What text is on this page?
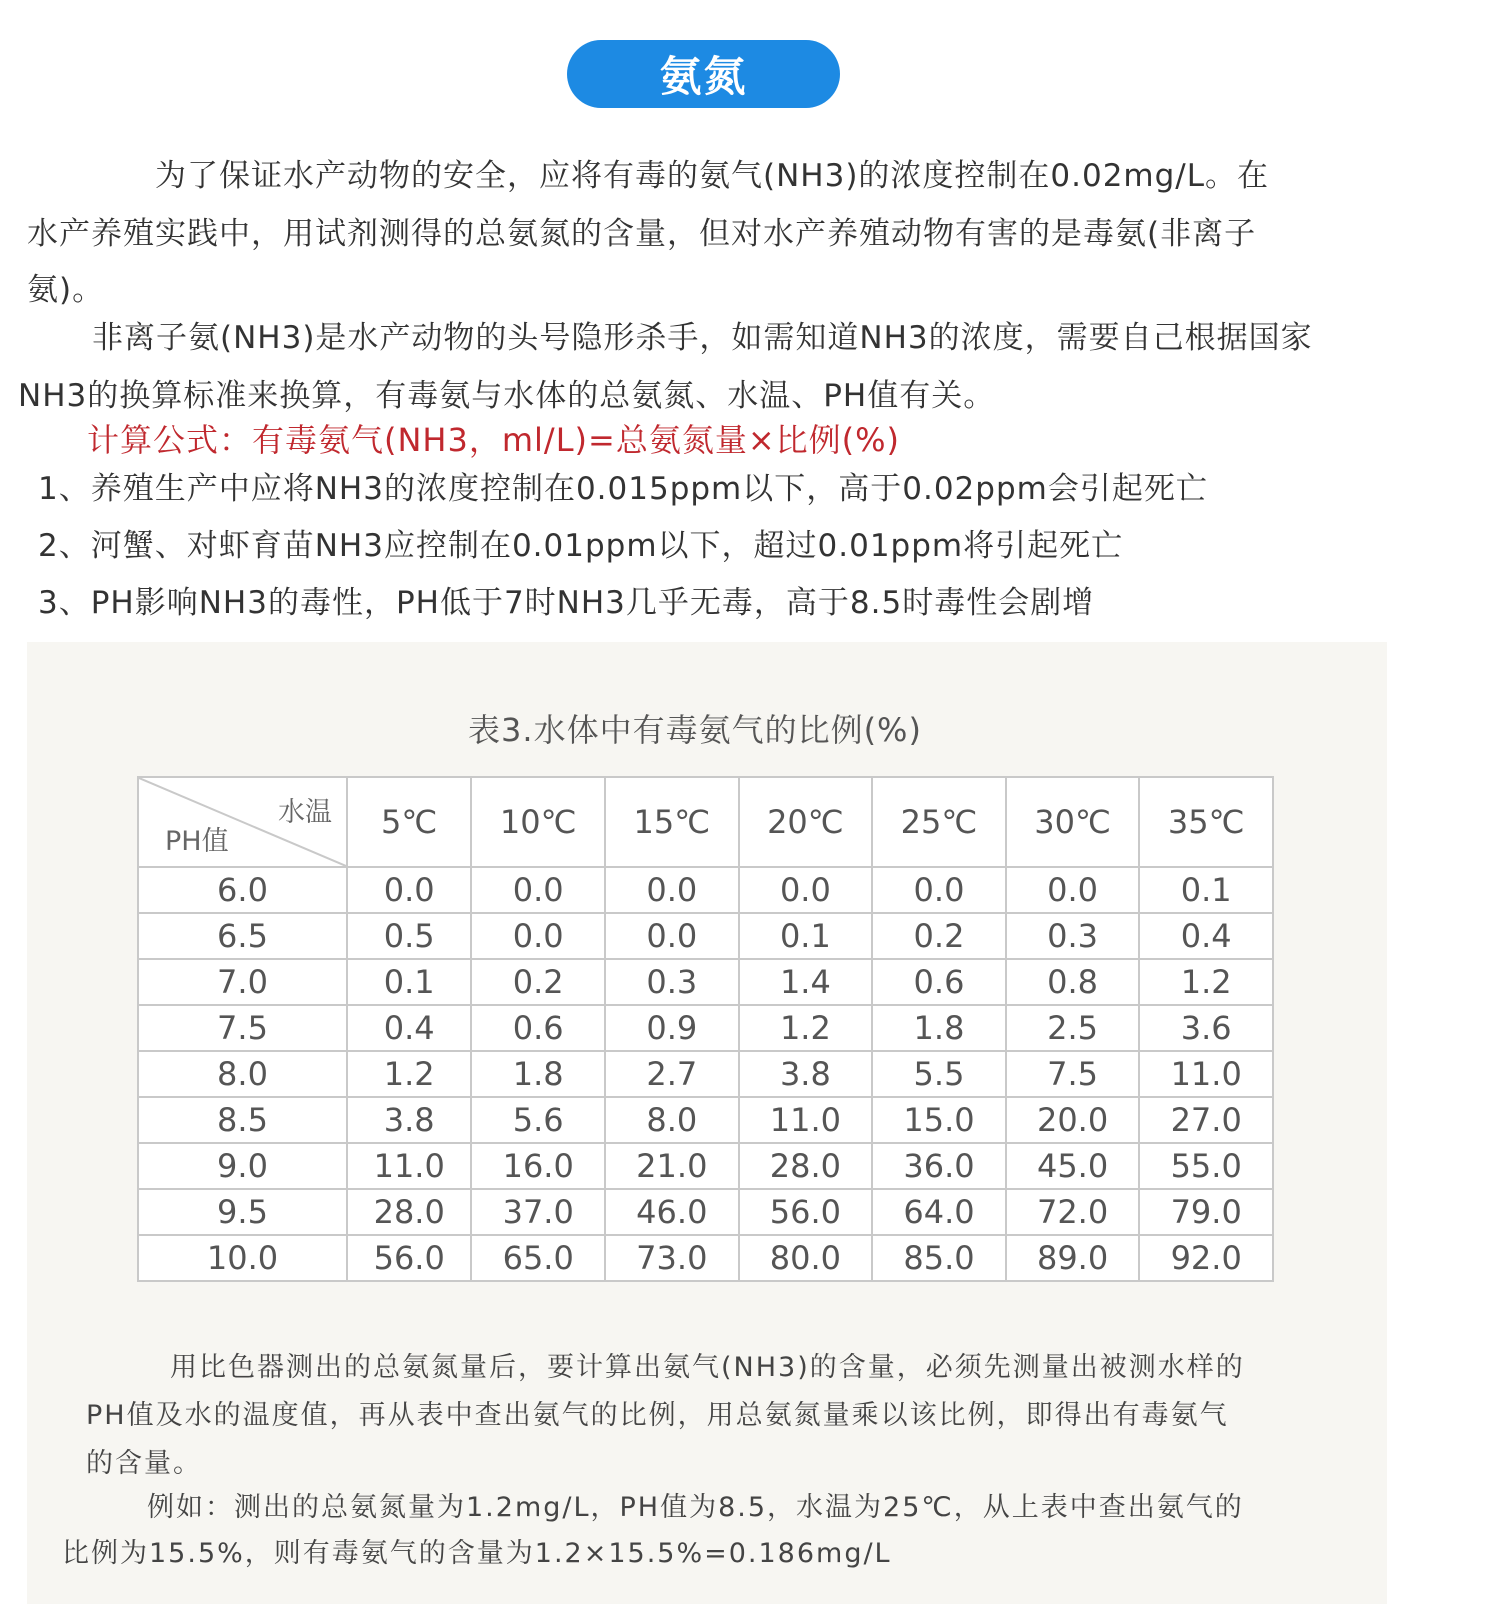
氨氮
为了保证水产动物的安全，应将有毒的氨气(NH3)的浓度控制在0.02mg/L。在
水产养殖实践中，用试剂测得的总氨氮的含量，但对水产养殖动物有害的是毒氨(非离子
氨)。
非离子氨(NH3)是水产动物的头号隐形杀手，如需知道NH3的浓度，需要自己根据国家
NH3的换算标准来换算，有毒氨与水体的总氨氮、水温、PH值有关。
计算公式：有毒氨气(NH3，ml/L)=总氨氮量×比例(%)
1、养殖生产中应将NH3的浓度控制在0.015ppm以下，高于0.02ppm会引起死亡
2、河蟹、对虾育苗NH3应控制在0.01ppm以下，超过0.01ppm将引起死亡
3、PH影响NH3的毒性，PH低于7时NH3几乎无毒，高于8.5时毒性会剧增
表3.水体中有毒氨气的比例(%)
水温
PH值	5℃	10℃	15℃	20℃	25℃	30℃	35℃
6.0	0.0	0.0	0.0	0.0	0.0	0.0	0.1
6.5	0.5	0.0	0.0	0.1	0.2	0.3	0.4
7.0	0.1	0.2	0.3	1.4	0.6	0.8	1.2
7.5	0.4	0.6	0.9	1.2	1.8	2.5	3.6
8.0	1.2	1.8	2.7	3.8	5.5	7.5	11.0
8.5	3.8	5.6	8.0	11.0	15.0	20.0	27.0
9.0	11.0	16.0	21.0	28.0	36.0	45.0	55.0
9.5	28.0	37.0	46.0	56.0	64.0	72.0	79.0
10.0	56.0	65.0	73.0	80.0	85.0	89.0	92.0
用比色器测出的总氨氮量后，要计算出氨气(NH3)的含量，必须先测量出被测水样的
PH值及水的温度值，再从表中查出氨气的比例，用总氨氮量乘以该比例，即得出有毒氨气
的含量。
例如：测出的总氨氮量为1.2mg/L，PH值为8.5，水温为25℃，从上表中查出氨气的
比例为15.5%，则有毒氨气的含量为1.2×15.5%=0.186mg/L
